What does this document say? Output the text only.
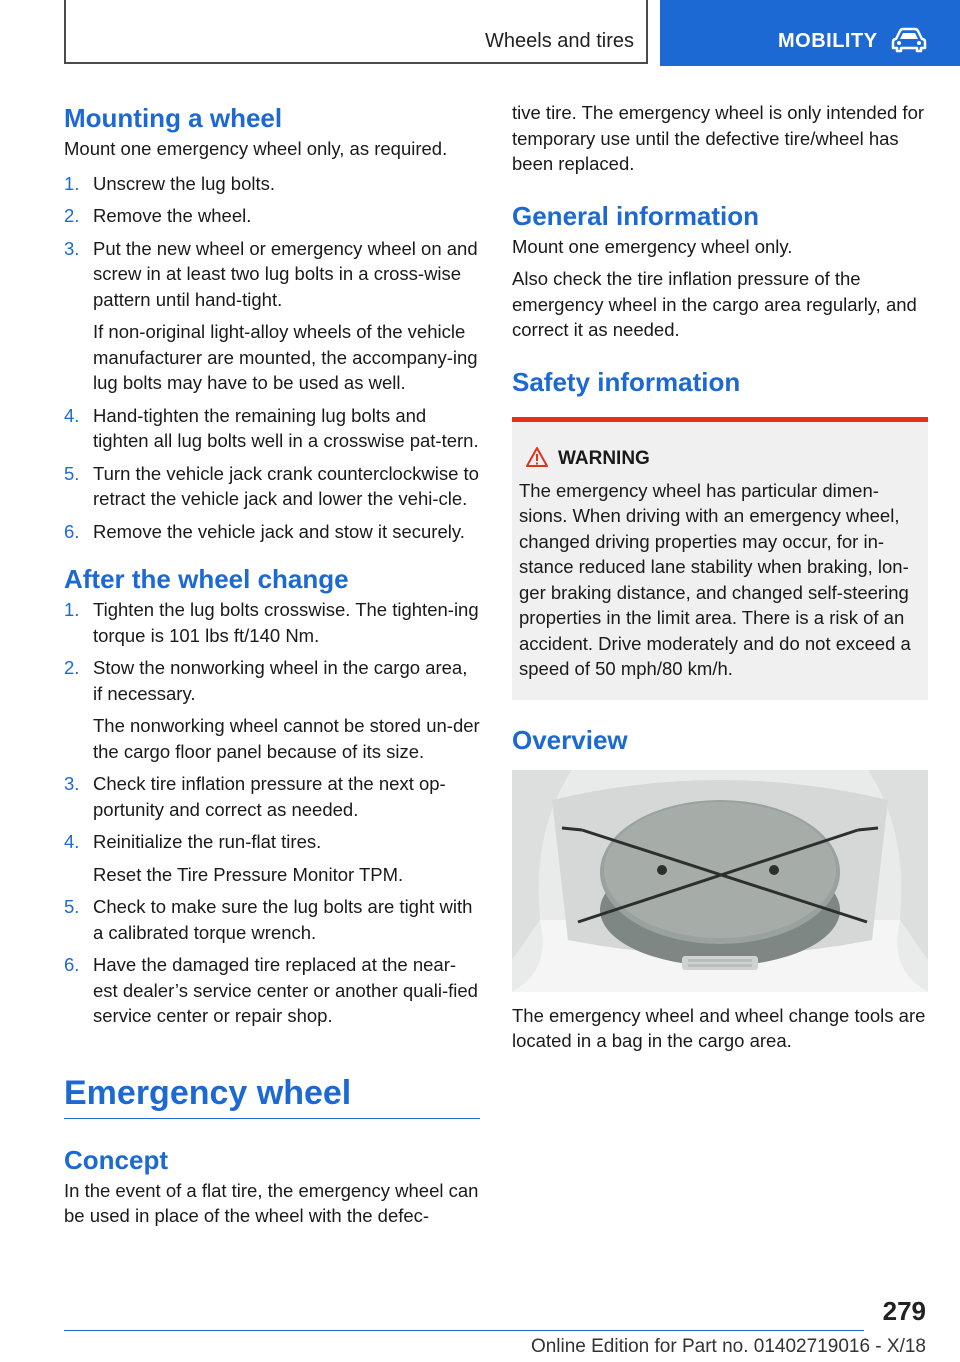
Wheels and tires	MOBILITY
Mounting a wheel

Mount one emergency wheel only, as required.

1. Unscrew the lug bolts.
2. Remove the wheel.
3. Put the new wheel or emergency wheel on and screw in at least two lug bolts in a cross-wise pattern until hand-tight.
If non-original light-alloy wheels of the vehicle manufacturer are mounted, the accompany-ing lug bolts may have to be used as well.
4. Hand-tighten the remaining lug bolts and tighten all lug bolts well in a crosswise pat-tern.
5. Turn the vehicle jack crank counterclockwise to retract the vehicle jack and lower the vehi-cle.
6. Remove the vehicle jack and stow it securely.
After the wheel change
1. Tighten the lug bolts crosswise. The tighten-ing torque is 101 lbs ft/140 Nm.
2. Stow the nonworking wheel in the cargo area, if necessary.
The nonworking wheel cannot be stored un-der the cargo floor panel because of its size.
3. Check tire inflation pressure at the next op-portunity and correct as needed.
4. Reinitialize the run-flat tires.
Reset the Tire Pressure Monitor TPM.
5. Check to make sure the lug bolts are tight with a calibrated torque wrench.
6. Have the damaged tire replaced at the near-est dealer’s service center or another quali-fied service center or repair shop.
Emergency wheel
Concept

In the event of a flat tire, the emergency wheel can be used in place of the wheel with the defec-

tive tire. The emergency wheel is only intended for temporary use until the defective tire/wheel has been replaced.

General information

Mount one emergency wheel only.

Also check the tire inflation pressure of the emergency wheel in the cargo area regularly, and correct it as needed.

Safety information
WARNING

The emergency wheel has particular dimen-sions. When driving with an emergency wheel, changed driving properties may occur, for in-stance reduced lane stability when braking, lon-ger braking distance, and changed self-steering properties in the limit area. There is a risk of an accident. Drive moderately and do not exceed a speed of 50 mph/80 km/h.

Overview

The emergency wheel and wheel change tools are located in a bag in the cargo area.

279
Online Edition for Part no. 01402719016 - X/18
